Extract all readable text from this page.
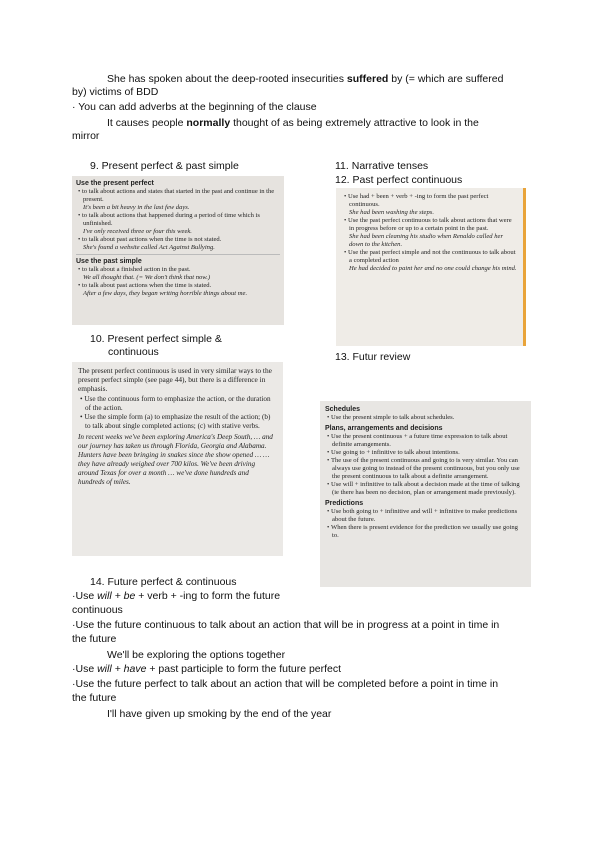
She has spoken about the deep-rooted insecurities suffered by (= which are suffered
by) victims of BDD
· You can add adverbs at the beginning of the clause
It causes people normally thought of as being extremely attractive to look in the
mirror
9. Present perfect & past simple	11. Narrative tenses
12. Past perfect continuous
10. Present perfect simple &
continuous	13. Futur review
14. Future perfect & continuous

Use the present perfect

• to talk about actions and states that started in the past and continue in the present.

It's been a bit heavy in the last few days.

• to talk about actions that happened during a period of time which is unfinished.

I've only received three or four this week.

• to talk about past actions when the time is not stated.

She's found a website called Act Against Bullying.

Use the past simple

• to talk about a finished action in the past.

We all thought that. (= We don't think that now.)

• to talk about past actions when the time is stated.

After a few days, they began writing horrible things about me.

• Use had + been + verb + -ing to form the past perfect continuous.

She had been washing the steps.

• Use the past perfect continuous to talk about actions that were in progress before or up to a certain point in the past.

She had been cleaning his studio when Renaldo called her down to the kitchen.

• Use the past perfect simple and not the continuous to talk about a completed action

He had decided to paint her and no one could change his mind.

The present perfect continuous is used in very similar ways to the present perfect simple (see page 44), but there is a difference in emphasis.

• Use the continuous form to emphasize the action, or the duration of the action.

• Use the simple form (a) to emphasize the result of the action; (b) to talk about single completed actions; (c) with stative verbs.

In recent weeks we've been exploring America's Deep South, … and our journey has taken us through Florida, Georgia and Alabama. Hunters have been bringing in snakes since the show opened … … they have already weighed over 700 kilos. We've been driving around Texas for over a month … we've done hundreds and hundreds of miles.

Schedules

• Use the present simple to talk about schedules.

Plans, arrangements and decisions

• Use the present continuous + a future time expression to talk about definite arrangements.

• Use going to + infinitive to talk about intentions.

• The use of the present continuous and going to is very similar. You can always use going to instead of the present continuous, but you only use the present continuous to talk about a definite arrangement.

• Use will + infinitive to talk about a decision made at the time of talking (ie there has been no decision, plan or arrangement made previously).

Predictions

• Use both going to + infinitive and will + infinitive to make predictions about the future.

• When there is present evidence for the prediction we usually use going to.

·Use will + be + verb + -ing to form the future
continuous
·Use the future continuous to talk about an action that will be in progress at a point in time in
the future
We'll be exploring the options together
·Use will + have + past participle to form the future perfect
·Use the future perfect to talk about an action that will be completed before a point in time in
the future
I'll have given up smoking by the end of the year
